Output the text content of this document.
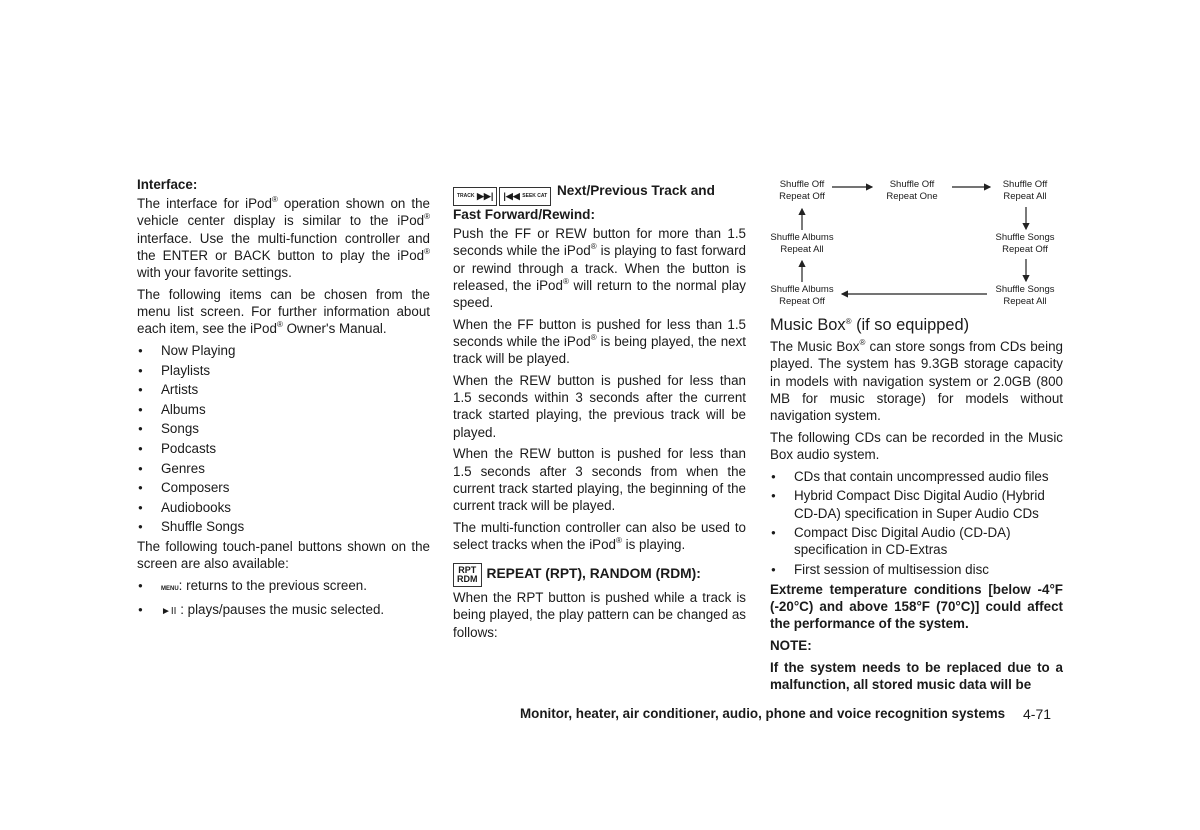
Interface:

The interface for iPod® operation shown on the vehicle center display is similar to the iPod® interface. Use the multi-function controller and the ENTER or BACK button to play the iPod® with your favorite settings.

The following items can be chosen from the menu list screen. For further information about each item, see the iPod® Owner's Manual.

● Now Playing
● Playlists
● Artists
● Albums
● Songs
● Podcasts
● Genres
● Composers
● Audiobooks
● Shuffle Songs

The following touch-panel buttons shown on the screen are also available:

● MENU: returns to the previous screen.
● ►II : plays/pauses the music selected.

TRACK ▶▶| |◀◀ SEEK CAT Next/Previous Track and Fast Forward/Rewind:

Push the FF or REW button for more than 1.5 seconds while the iPod® is playing to fast forward or rewind through a track. When the button is released, the iPod® will return to the normal play speed.

When the FF button is pushed for less than 1.5 seconds while the iPod® is being played, the next track will be played.

When the REW button is pushed for less than 1.5 seconds within 3 seconds after the current track started playing, the previous track will be played.

When the REW button is pushed for less than 1.5 seconds after 3 seconds from when the current track started playing, the beginning of the current track will be played.

The multi-function controller can also be used to select tracks when the iPod® is playing.

RPT
RDM REPEAT (RPT), RANDOM (RDM):

When the RPT button is pushed while a track is being played, the play pattern can be changed as follows:

Shuffle Off
Repeat Off
Shuffle Off
Repeat One
Shuffle Off
Repeat All
Shuffle Songs
Repeat Off
Shuffle Songs
Repeat All
Shuffle Albums
Repeat Off
Shuffle Albums
Repeat All

Music Box® (if so equipped)

The Music Box® can store songs from CDs being played. The system has 9.3GB storage capacity in models with navigation system or 2.0GB (800 MB for music storage) for models without navigation system.

The following CDs can be recorded in the Music Box audio system.

● CDs that contain uncompressed audio files
● Hybrid Compact Disc Digital Audio (Hybrid CD-DA) specification in Super Audio CDs
● Compact Disc Digital Audio (CD-DA) specification in CD-Extras
● First session of multisession disc

Extreme temperature conditions [below -4°F (-20°C) and above 158°F (70°C)] could affect the performance of the system.

NOTE:

If the system needs to be replaced due to a malfunction, all stored music data will be

Monitor, heater, air conditioner, audio, phone and voice recognition systems 4-71
